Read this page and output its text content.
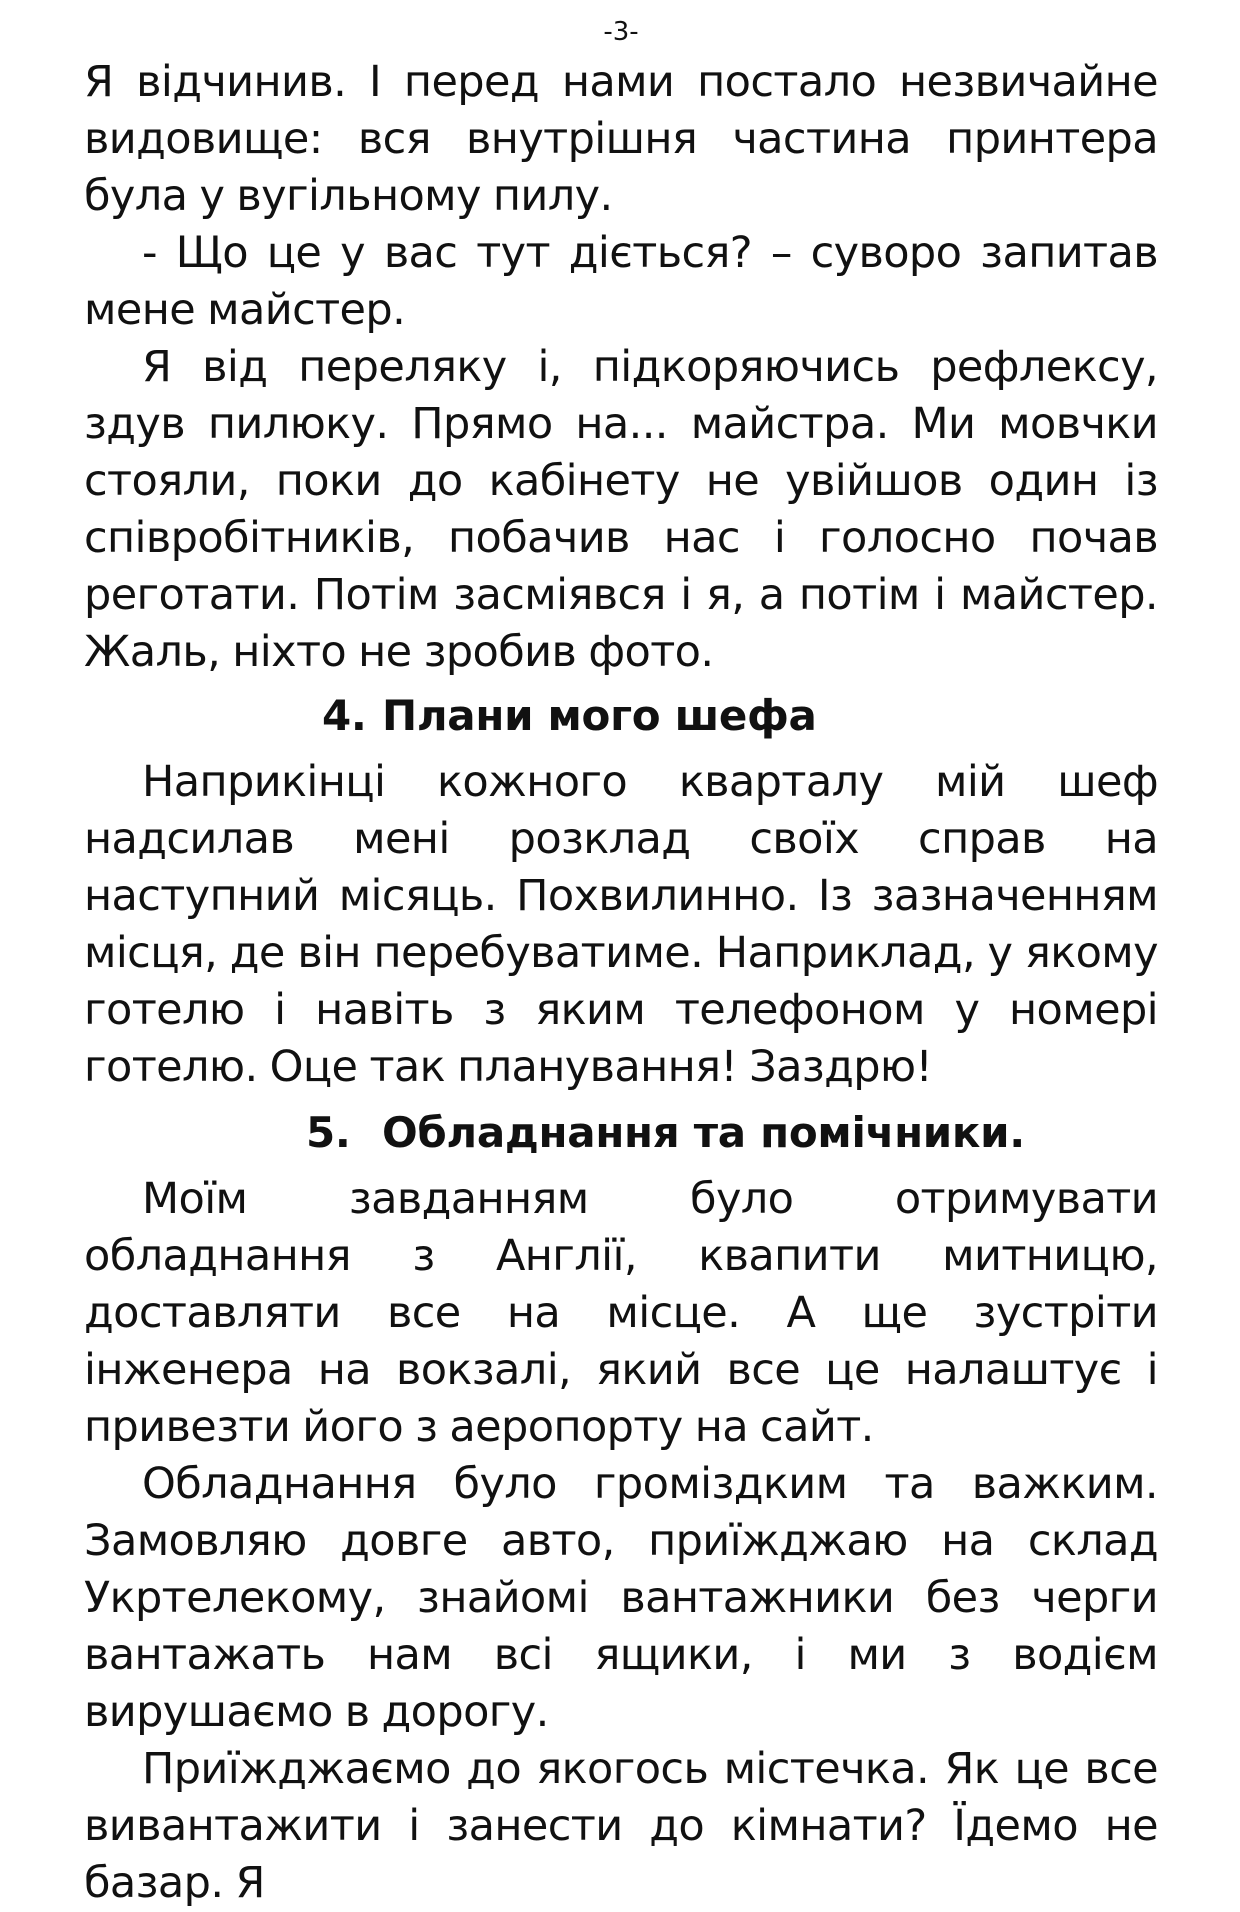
-3-

Я відчинив. І перед нами постало незвичайне видовище: вся внутрішня частина принтера була у вугільному пилу.

- Що це у вас тут діється? – суворо запитав мене майстер.

Я від переляку і, підкоряючись рефлексу, здув пилюку. Прямо на... майстра. Ми мовчки стояли, поки до кабінету не увійшов один із співробітників, побачив нас і голосно почав реготати. Потім засміявся і я, а потім і майстер. Жаль, ніхто не зробив фото.

4. Плани мого шефа

Наприкінці кожного кварталу мій шеф надсилав мені розклад своїх справ на наступний місяць. Похвилинно. Із зазначенням місця, де він перебуватиме. Наприклад, у якому готелю і навіть з яким телефоном у номері готелю. Оце так планування! Заздрю!

5. Обладнання та помічники.

Моїм завданням було отримувати обладнання з Англії, квапити митницю, доставляти все на місце. А ще зустріти інженера на вокзалі, який все це налаштує і привезти його з аеропорту на сайт.

Обладнання було громіздким та важким. Замовляю довге авто, приїжджаю на склад Укртелекому, знайомі вантажники без черги вантажать нам всі ящики, і ми з водієм вирушаємо в дорогу.

Приїжджаємо до якогось містечка. Як це все вивантажити і занести до кімнати? Їдемо не базар. Я
